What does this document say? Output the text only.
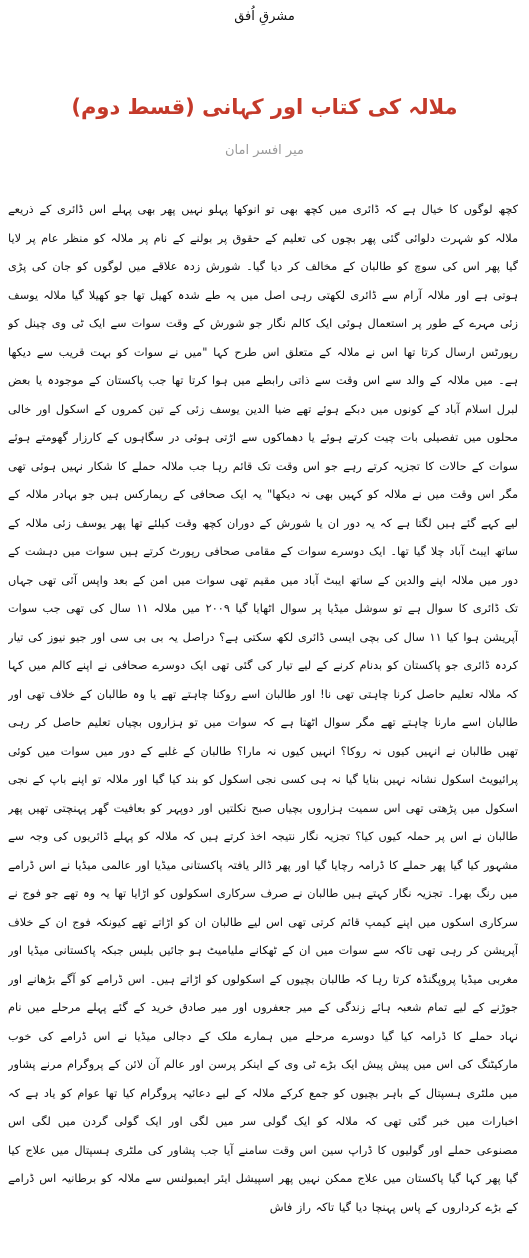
مشرقِ اُفق
ملالہ کی کتاب اور کہانی (قسط دوم)
میر افسر امان

کچھ لوگوں کا خیال ہے کہ ڈائری میں کچھ بھی تو انوکھا پہلو نہیں پھر بھی پہلے اس ڈائری کے ذریعے ملالہ کو شہرت دلوائی گئی پھر بچوں کی تعلیم کے حقوق پر بولنے کے نام پر ملالہ کو منظر عام پر لایا گیا پھر اس کی سوچ کو طالبان کے مخالف کر دیا گیا۔ شورش زدہ علاقے میں لوگوں کو جان کی پڑی ہوتی ہے اور ملالہ آرام سے ڈائری لکھتی رہی اصل میں یہ طے شدہ کھیل تھا جو کھیلا گیا ملالہ یوسف زئی مہرے کے طور پر استعمال ہوئی ایک کالم نگار جو شورش کے وقت سوات سے ایک ٹی وی چینل کو رپورٹس ارسال کرتا تھا اس نے ملالہ کے متعلق اس طرح کہا "میں نے سوات کو بہت قریب سے دیکھا ہے۔ میں ملالہ کے والد سے اس وقت سے ذاتی رابطے میں ہوا کرتا تھا جب پاکستان کے موجودہ یا بعض لبرل اسلام آباد کے کونوں میں دبکے ہوئے تھے ضیا الدین یوسف زئی کے تین کمروں کے اسکول اور خالی محلوں میں تفصیلی بات چیت کرتے ہوئے یا دھماکوں سے اڑتی ہوئی در سگاہوں کے کارزار گھومتے ہوئے سوات کے حالات کا تجزیہ کرتے رہے جو اس وقت تک قائم رہا جب ملالہ حملے کا شکار نہیں ہوئی تھی مگر اس وقت میں نے ملالہ کو کہیں بھی نہ دیکھا" یہ ایک صحافی کے ریمارکس ہیں جو بہادر ملالہ کے لیے کہے گئے ہیں لگتا ہے کہ یہ دور ان یا شورش کے دوران کچھ وقت کیلئے تھا پھر یوسف زئی ملالہ کے ساتھ ایبٹ آباد چلا گیا تھا۔ ایک دوسرے سوات کے مقامی صحافی رپورٹ کرتے ہیں سوات میں دہشت کے دور میں ملالہ اپنے والدین کے ساتھ ایبٹ آباد میں مقیم تھی سوات میں امن کے بعد واپس آئی تھی جہاں تک ڈائری کا سوال ہے تو سوشل میڈیا پر سوال اٹھایا گیا ۲۰۰۹ میں ملالہ ۱۱ سال کی تھی جب سوات آپریشن ہوا کیا ۱۱ سال کی بچی ایسی ڈائری لکھ سکتی ہے؟ دراصل یہ بی بی سی اور جیو نیوز کی تیار کردہ ڈائری جو پاکستان کو بدنام کرنے کے لیے تیار کی گئی تھی ایک دوسرے صحافی نے اپنے کالم میں کہا کہ ملالہ تعلیم حاصل کرنا چاہتی تھی نا! اور طالبان اسے روکنا چاہتے تھے یا وہ طالبان کے خلاف تھی اور طالبان اسے مارنا چاہتے تھے مگر سوال اٹھتا ہے کہ سوات میں تو ہزاروں بچیاں تعلیم حاصل کر رہی تھیں طالبان نے انہیں کیوں نہ روکا؟ انہیں کیوں نہ مارا؟ طالبان کے غلبے کے دور میں سوات میں کوئی پرائیویٹ اسکول نشانہ نہیں بنایا گیا نہ ہی کسی نجی اسکول کو بند کیا گیا اور ملالہ تو اپنے باپ کے نجی اسکول میں پڑھتی تھی اس سمیت ہزاروں بچیاں صبح نکلتیں اور دوپہر کو بعافیت گھر پہنچتی تھیں پھر طالبان نے اس پر حملہ کیوں کیا؟ تجزیہ نگار نتیجہ اخذ کرتے ہیں کہ ملالہ کو پہلے ڈائریوں کی وجہ سے مشہور کیا گیا پھر حملے کا ڈرامہ رچایا گیا اور پھر ڈالر یافتہ پاکستانی میڈیا اور عالمی میڈیا نے اس ڈرامے میں رنگ بھرا۔ تجزیہ نگار کہتے ہیں طالبان نے صرف سرکاری اسکولوں کو اڑایا تھا یہ وہ تھے جو فوج نے سرکاری اسکوں میں اپنے کیمپ قائم کرتی تھی اس لیے طالبان ان کو اڑاتے تھے کیونکہ فوج ان کے خلاف آپریشن کر رہی تھی تاکہ سے سوات میں ان کے ٹھکانے ملیامیٹ ہو جائیں بلیس جبکہ پاکستانی میڈیا اور مغربی میڈیا پروپگنڈہ کرتا رہا کہ طالبان بچیوں کے اسکولوں کو اڑاتے ہیں۔ اس ڈرامے کو آگے بڑھانے اور جوڑنے کے لیے تمام شعبہ ہائے زندگی کے میر جعفروں اور میر صادق خرید کے گئے پہلے مرحلے میں نام نہاد حملے کا ڈرامہ کیا گیا دوسرے مرحلے میں ہمارے ملک کے دجالی میڈیا نے اس ڈرامے کی خوب مارکیٹنگ کی اس میں پیش پیش ایک بڑے ٹی وی کے اینکر پرسن اور عالم آن لائن کے پروگرام مرنے پشاور میں ملٹری ہسپتال کے باہر بچیوں کو جمع کرکے ملالہ کے لیے دعائیہ پروگرام کیا تھا عوام کو یاد ہے کہ اخبارات میں خبر گئی تھی کہ ملالہ کو ایک گولی سر میں لگی اور ایک گولی گردن میں لگی اس مصنوعی حملے اور گولیوں کا ڈراپ سین اس وقت سامنے آیا جب پشاور کی ملٹری ہسپتال میں علاج کیا گیا پھر کہا گیا پاکستان میں علاج ممکن نہیں پھر اسپیشل ایئر ایمبولنس سے ملالہ کو برطانیہ اس ڈرامے کے بڑے کرداروں کے پاس پہنچا دیا گیا تاکہ راز فاش
